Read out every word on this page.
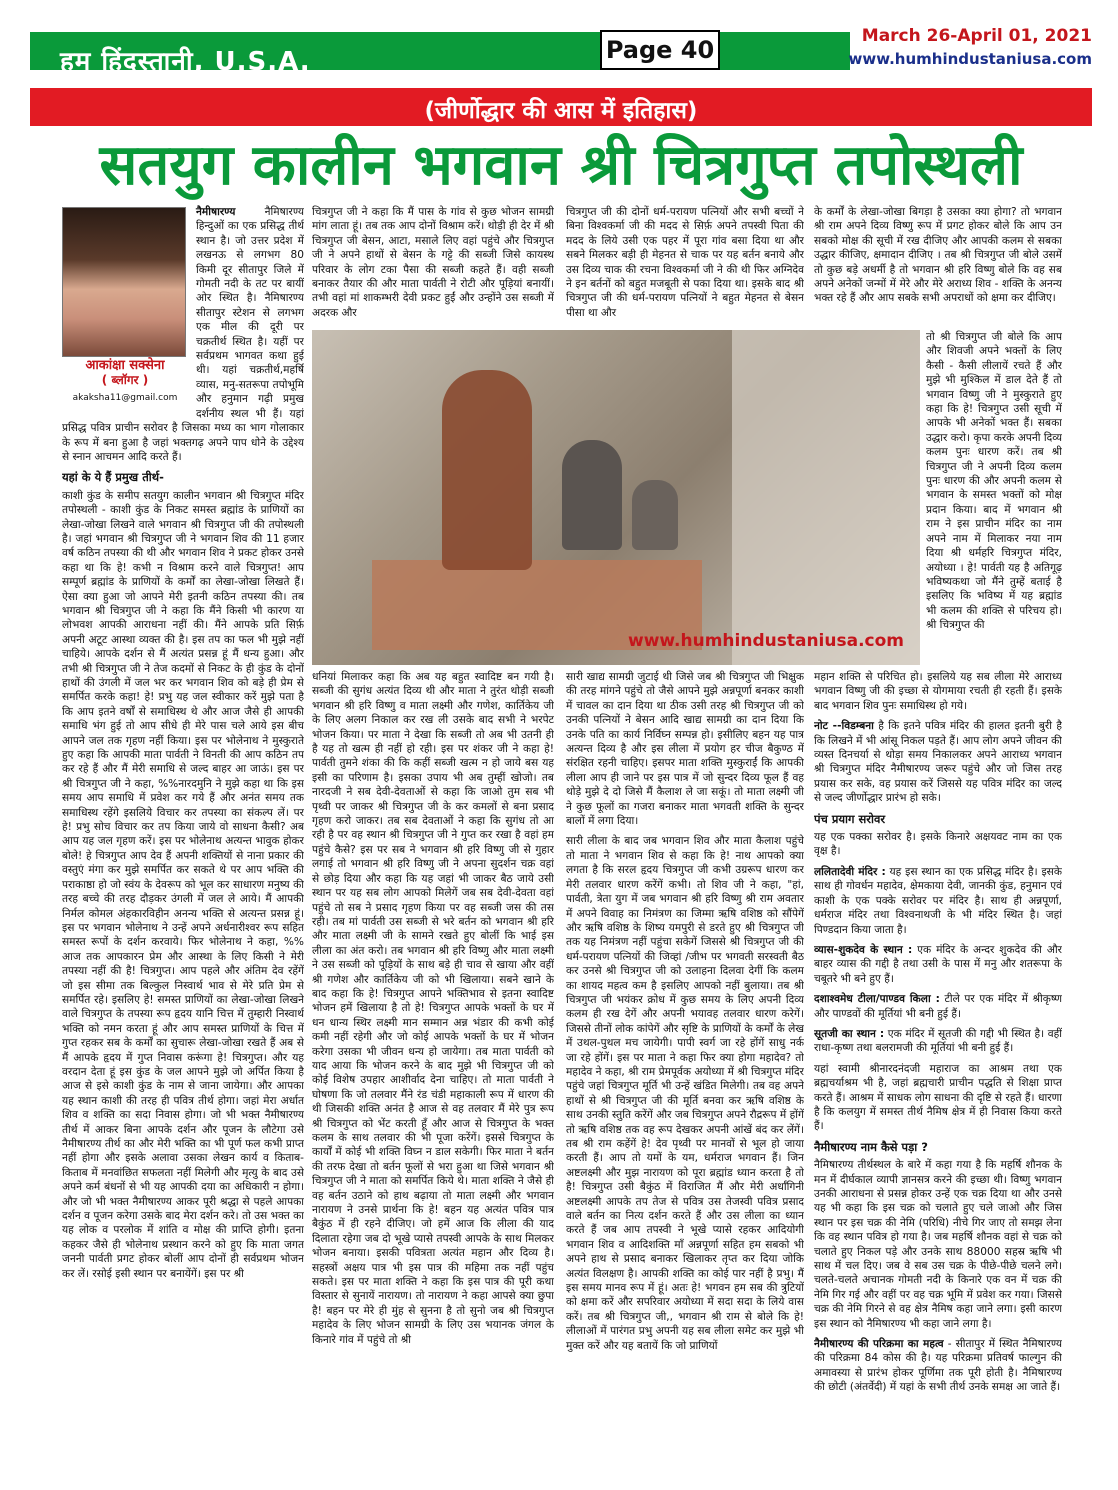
हम हिंदुस्तानी, U.S.A.	Page 40	March 26-April 01, 2021
www.humhindustaniusa.com
(जीर्णोद्धार की आस में इतिहास)
सतयुग कालीन भगवान श्री चित्रगुप्त तपोस्थली

नैमीषारण्य
आकांक्षा सक्सेना
( ब्लॉगर )
akaksha11@gmail.com
नैमिषारण्य हिन्दुओं का एक प्रसिद्ध तीर्थ स्थान है। जो उत्तर प्रदेश में लखनऊ से लगभग 80 किमी दूर सीतापुर जिले में गोमती नदी के तट पर बायीं ओर स्थित है। नैमिषारण्य सीतापुर स्टेशन से लगभग एक मील की दूरी पर चक्रतीर्थ स्थित है। यहीं पर सर्वप्रथम भागवत कथा हुई थी। यहां चक्रतीर्थ,महर्षि व्यास, मनु-सतरूपा तपोभूमि और हनुमान गढ़ी प्रमुख दर्शनीय स्थल भी हैं। यहां प्रसिद्ध पवित्र प्राचीन सरोवर है जिसका मध्य का भाग गोलाकार के रूप में बना हुआ है जहां भक्तगढ़ अपने पाप धोने के उद्देश्य से स्नान आचमन आदि करते हैं।

यहां के ये हैं प्रमुख तीर्थ-

काशी कुंड के समीप सतयुग कालीन भगवान श्री चित्रगुप्त मंदिर तपोस्थली - काशी कुंड के निकट समस्त ब्रह्मांड के प्राणियों का लेखा-जोखा लिखने वाले भगवान श्री चित्रगुप्त जी की तपोस्थली है। जहां भगवान श्री चित्रगुप्त जी ने भगवान शिव की 11 हजार वर्ष कठिन तपस्या की थी और भगवान शिव ने प्रकट होकर उनसे कहा था कि हे! कभी न विश्राम करने वाले चित्रगुप्त! आप सम्पूर्ण ब्रह्मांड के प्राणियों के कर्मों का लेखा-जोखा लिखते हैं। ऐसा क्या हुआ जो आपने मेरी इतनी कठिन तपस्या की। तब भगवान श्री चित्रगुप्त जी ने कहा कि मैंने किसी भी कारण या लोभवश आपकी आराधना नहीं की। मैंने आपके प्रति सिर्फ़ अपनी अटूट आस्था व्यक्त की है। इस तप का फल भी मुझे नहीं चाहिये। आपके दर्शन से मैं अत्यंत प्रसन्न हूं मैं धन्य हुआ। और तभी श्री चित्रगुप्त जी ने तेज कदमों से निकट के ही कुंड के दोनों हाथों की उंगली में जल भर कर भगवान शिव को बड़े ही प्रेम से समर्पित करके कहा! हे! प्रभु यह जल स्वीकार करें मुझे पता है कि आप इतने वर्षों से समाधिस्थ थे और आज जैसे ही आपकी समाधि भंग हुई तो आप सीधे ही मेरे पास चले आये इस बीच आपने जल तक गृहण नहीं किया। इस पर भोलेनाथ ने मुस्कुराते हुए कहा कि आपकी माता पार्वती ने विनती की आप कठिन तप कर रहे हैं और मैं मेरी समाधि से जल्द बाहर आ जाऊं। इस पर श्री चित्रगुप्त जी ने कहा, %%नारदमुनि ने मुझे कहा था कि इस समय आप समाधि में प्रवेश कर गये हैं और अनंत समय तक समाधिस्थ रहेंगे इसलिये विचार कर तपस्या का संकल्प लें। पर हे! प्रभु सोच विचार कर तप किया जाये वो साधना कैसी? अब आप यह जल गृहण करें। इस पर भोलेनाथ अत्यन्त भावुक होकर बोले! हे चित्रगुप्त आप देव हैं अपनी शक्तियों से नाना प्रकार की वस्तुएं मंगा कर मुझे समर्पित कर सकते थे पर आप भक्ति की पराकाष्ठा हो जो स्वंय के देवरूप को भूल कर साधारण मनुष्य की तरह बच्चे की तरह दौड़कर उंगली में जल ले आये। मैं आपकी निर्मल कोमल अंहकारविहीन अनन्य भक्ति से अत्यन्त प्रसन्न हूं। इस पर भगवान भोलेनाथ ने उन्हें अपने अर्धनारीश्वर रूप सहित समस्त रूपों के दर्शन करवाये। फिर भोलेनाथ ने कहा, %% आज तक आपकारन प्रेम और आस्था के लिए किसी ने मेरी तपस्या नहीं की है! चित्रगुप्त। आप पहले और अंतिम देव रहेंगें जो इस सीमा तक बिल्कुल निस्वार्थ भाव से मेरे प्रति प्रेम से समर्पित रहे। इसलिए हे! समस्त प्राणियों का लेखा-जोखा लिखने वाले चित्रगुप्त के तपस्या रूप हृदय यानि चित्त में तुम्हारी निस्वार्थ भक्ति को नमन करता हूं और आप समस्त प्राणियों के चित्त में गुप्त रहकर सब के कर्मों का सुचारू लेखा-जोखा रखते हैं अब से मैं आपके हृदय में गुप्त निवास करूंगा हे! चित्रगुप्त। और यह वरदान देता हूं इस कुंड के जल आपने मुझे जो अर्पित किया है आज से इसे काशी कुंड के नाम से जाना जायेगा। और आपका यह स्थान काशी की तरह ही पवित्र तीर्थ होगा। जहां मेरा अर्धात शिव व शक्ति का सदा निवास होगा। जो भी भक्त नैमीषारण्य तीर्थ में आकर बिना आपके दर्शन और पूजन के लौटेगा उसे नैमीषारण्य तीर्थ का और मेरी भक्ति का भी पूर्ण फल कभी प्राप्त नहीं होगा और इसके अलावा उसका लेखन कार्य व किताब-किताब में मनवांछित सफलता नहीं मिलेगी और मृत्यु के बाद उसे अपने कर्म बंधनों से भी यह आपकी दया का अधिकारी न होगा। और जो भी भक्त नैमीषारण्य आकर पूरी श्रद्धा से पहले आपका दर्शन व पूजन करेगा उसके बाद मेरा दर्शन करे। तो उस भक्त का यह लोक व परलोक में शांति व मोक्ष की प्राप्ति होगी। इतना कहकर जैसे ही भोलेनाथ प्रस्थान करने को हुए कि माता जगत जननी पार्वती प्रगट होकर बोलीं आप दोनों ही सर्वप्रथम भोजन कर लें। रसोई इसी स्थान पर बनायेंगें। इस पर श्री

चित्रगुप्त जी ने कहा कि मैं पास के गांव से कुछ भोजन सामग्री मांग लाता हूं। तब तक आप दोनों विश्राम करें। थोड़ी ही देर में श्री चित्रगुप्त जी बेसन, आटा, मसाले लिए वहां पहुंचे और चित्रगुप्त जी ने अपने हाथों से बेसन के गट्टे की सब्जी जिसे कायस्थ परिवार के लोग टका पैसा की सब्जी कहते हैं। वही सब्जी बनाकर तैयार की और माता पार्वती ने रोटी और पूड़ियां बनायीं। तभी वहां मां शाकम्भरी देवी प्रकट हुईं और उन्होंने उस सब्जी में अदरक और

चित्रगुप्त जी की दोनों धर्म-परायण पत्नियों और सभी बच्चों ने बिना विश्वकर्मा जी की मदद से सिर्फ़ अपने तपस्वी पिता की मदद के लिये उसी एक पहर में पूरा गांव बसा दिया था और सबने मिलकर बड़ी ही मेहनत से चाक पर यह बर्तन बनाये और उस दिव्य चाक की रचना विश्वकर्मा जी ने की थी फिर अग्निदेव ने इन बर्तनों को बहुत मजबूती से पका दिया था। इसके बाद श्री चित्रगुप्त जी की धर्म-परायण पत्नियों ने बहुत मेहनत से बेसन पीसा था और

के कर्मों के लेखा-जोखा बिगड़ा है उसका क्या होगा? तो भगवान श्री राम अपने दिव्य विष्णु रूप में प्रगट होकर बोले कि आप उन सबको मोक्ष की सूची में रख दीजिए और आपकी कलम से सबका उद्धार कीजिए, क्षमादान दीजिए । तब श्री चित्रगुप्त जी बोले उसमें तो कुछ बड़े अधर्मी है तो भगवान श्री हरि विष्णु बोले कि वह सब अपने अनेकों जन्मों में मेरे और मेरे अराध्य शिव - शक्ति के अनन्य भक्त रहे हैं और आप सबके सभी अपराधों को क्षमा कर दीजिए।

www.humhindustaniusa.com

तो श्री चित्रगुप्त जी बोले कि आप और शिवजी अपने भक्तों के लिए कैसी - कैसी लीलायें रचते हैं और मुझे भी मुश्किल में डाल देते हैं तो भगवान विष्णु जी ने मुस्कुराते हुए कहा कि हे! चित्रगुप्त उसी सूची में आपके भी अनेकों भक्त हैं। सबका उद्धार करो। कृपा करके अपनी दिव्य कलम पुनः धारण करें। तब श्री चित्रगुप्त जी ने अपनी दिव्य कलम पुनः धारण की और अपनी कलम से भगवान के समस्त भक्तों को मोक्ष प्रदान किया। बाद में भगवान श्री राम ने इस प्राचीन मंदिर का नाम अपने नाम में मिलाकर नया नाम दिया श्री धर्महरि चित्रगुप्त मंदिर, अयोध्या । हे! पार्वती यह है अतिगूढ़ भविष्यकथा जो मैंने तुम्हें बताई है इसलिए कि भविष्य में यह ब्रह्मांड भी कलम की शक्ति से परिचय हो। श्री चित्रगुप्त की

धनियां मिलाकर कहा कि अब यह बहुत स्वादिष्ट बन गयी है। सब्जी की सुगंध अत्यंत दिव्य थी और माता ने तुरंत थोड़ी सब्जी भगवान श्री हरि विष्णु व माता लक्ष्मी और गणेश, कार्तिकेय जी के लिए अलग निकाल कर रख ली उसके बाद सभी ने भरपेट भोजन किया। पर माता ने देखा कि सब्जी तो अब भी उतनी ही है यह तो खत्म ही नहीं हो रही। इस पर शंकर जी ने कहा हे! पार्वती तुमने शंका की कि कहीं सब्जी खत्म न हो जाये बस यह इसी का परिणाम है। इसका उपाय भी अब तुम्हीं खोजो। तब नारदजी ने सब देवी-देवताओं से कहा कि जाओ तुम सब भी पृथ्वी पर जाकर श्री चित्रगुप्त जी के कर कमलों से बना प्रसाद गृहण करो जाकर। तब सब देवताओं ने कहा कि सुगंध तो आ रही है पर वह स्थान श्री चित्रगुप्त जी ने गुप्त कर रखा है वहां हम पहुंचे कैसे? इस पर सब ने भगवान श्री हरि विष्णु जी से गुहार लगाई तो भगवान श्री हरि विष्णु जी ने अपना सुदर्शन चक्र वहां से छोड़ दिया और कहा कि यह जहां भी जाकर बैठ जाये उसी स्थान पर यह सब लोग आपको मिलेगें जब सब देवी-देवता वहां पहुंचे तो सब ने प्रसाद गृहण किया पर वह सब्जी जस की तस रही। तब मां पार्वती उस सब्जी से भरे बर्तन को भगवान श्री हरि और माता लक्ष्मी जी के सामने रखते हुए बोलीं कि भाई इस लीला का अंत करो। तब भगवान श्री हरि विष्णु और माता लक्ष्मी ने उस सब्जी को पूड़ियों के साथ बड़े ही चाव से खाया और वहीं श्री गणेश और कार्तिकेय जी को भी खिलाया। सबने खाने के बाद कहा कि हे! चित्रगुप्त आपने भक्तिभाव से इतना स्वादिष्ट भोजन हमें खिलाया है तो हे! चित्रगुप्त आपके भक्तों के घर में धन धान्य स्थिर लक्ष्मी मान सम्मान अन्न भंडार की कभी कोई कमी नहीं रहेगी और जो कोई आपके भक्तों के घर में भोजन करेगा उसका भी जीवन धन्य हो जायेगा। तब माता पार्वती को याद आया कि भोजन करने के बाद मुझे भी चित्रगुप्त जी को कोई विशेष उपहार आशीर्वाद देना चाहिए। तो माता पार्वती ने घोषणा कि जो तलवार मैंने रंड चंडी महाकाली रूप में धारण की थी जिसकी शक्ति अनंत है आज से वह तलवार मैं मेरे पुत्र रूप श्री चित्रगुप्त को भेंट करती हूँ और आज से चित्रगुप्त के भक्त कलम के साथ तलवार की भी पूजा करेंगें। इससे चित्रगुप्त के कार्यों में कोई भी शक्ति विघ्न न डाल सकेगी। फिर माता ने बर्तन की तरफ देखा तो बर्तन फूलों से भरा हुआ था जिसे भगवान श्री चित्रगुप्त जी ने माता को समर्पित किये थे। माता शक्ति ने जैसे ही वह बर्तन उठाने को हाथ बढ़ाया तो माता लक्ष्मी और भगवान नारायण ने उनसे प्रार्थना कि हे! बहन यह अत्यंत पवित्र पात्र बैकुंठ में ही रहने दीजिए। जो हमें आज कि लीला की याद दिलाता रहेगा जब दो भूखे प्यासे तपस्वी आपके के साथ मिलकर भोजन बनाया। इसकी पवित्रता अत्यंत महान और दिव्य है। सहस्त्रों अक्षय पात्र भी इस पात्र की महिमा तक नहीं पहुंच सकते। इस पर माता शक्ति ने कहा कि इस पात्र की पूरी कथा विस्तार से सुनायें नारायण। तो नारायण ने कहा आपसे क्या छुपा है! बहन पर मेरे ही मुंह से सुनना है तो सुनो जब श्री चित्रगुप्त महादेव के लिए भोजन सामग्री के लिए उस भयानक जंगल के किनारे गांव में पहुंचे तो श्री

सारी खाद्य सामग्री जुटाई थी जिसे जब श्री चित्रगुप्त जी भिक्षुक की तरह मांगने पहुंचे तो जैसे आपने मुझे अन्नपूर्णा बनकर काशी में चावल का दान दिया था ठीक उसी तरह श्री चित्रगुप्त जी को उनकी पत्नियों ने बेसन आदि खाद्य सामग्री का दान दिया कि उनके पति का कार्य निर्विघ्न सम्पन्न हो। इसीलिए बहन यह पात्र अत्यन्त दिव्य है और इस लीला में प्रयोग हर चीज बैकुण्ठ में संरक्षित रहनी चाहिए। इसपर माता शक्ति मुस्कुराईं कि आपकी लीला आप ही जाने पर इस पात्र में जो सुन्दर दिव्य फूल हैं वह थोड़े मुझे दे दो जिसे मैं कैलाश ले जा सकूं। तो माता लक्ष्मी जी ने कुछ फूलों का गजरा बनाकर माता भगवती शक्ति के सुन्दर बालों में लगा दिया।

सारी लीला के बाद जब भगवान शिव और माता कैलाश पहुंचे तो माता ने भगवान शिव से कहा कि हे! नाथ आपको क्या लगता है कि सरल हृदय चित्रगुप्त जी कभी उग्ररूप धारण कर मेरी तलवार धारण करेंगें कभी। तो शिव जी ने कहा, "हां, पार्वती, त्रेता युग में जब भगवान श्री हरि विष्णु श्री राम अवतार में अपने विवाह का निमंत्रण का जिम्मा ऋषि वशिष्ठ को सौंपेगें और ऋषि वशिष्ठ के शिष्य यमपुरी से डरते हुए श्री चित्रगुप्त जी तक यह निमंत्रण नहीं पहुंचा सकेगें जिससे श्री चित्रगुप्त जी की धर्म-परायण पत्नियों की जिव्हां /जीभ पर भगवती सरस्वती बैठ कर उनसे श्री चित्रगुप्त जी को उलाहना दिलवा देगीं कि कलम का शायद महत्व कम है इसलिए आपको नहीं बुलाया। तब श्री चित्रगुप्त जी भयंकर क्रोध में कुछ समय के लिए अपनी दिव्य कलम ही रख देगें और अपनी भयावह तलवार धारण करेगें। जिससे तीनों लोक कांपेगें और सृष्टि के प्राणियों के कर्मों के लेख में उथल-पुथल मच जायेगी। पापी स्वर्ग जा रहे होंगें साधु नर्क जा रहे होंगें। इस पर माता ने कहा फिर क्या होगा महादेव? तो महादेव ने कहा, श्री राम प्रेमपूर्वक अयोध्या में श्री चित्रगुप्त मंदिर पहुंचे जहां चित्रगुप्त मूर्ति भी उन्हें खंडित मिलेगी। तब वह अपने हाथों से श्री चित्रगुप्त जी की मूर्ति बनवा कर ऋषि वशिष्ठ के साथ उनकी स्तुति करेंगें और जब चित्रगुप्त अपने रौद्ररूप में होंगें तो ऋषि वशिष्ठ तक वह रूप देखकर अपनी आंखें बंद कर लेंगें। तब श्री राम कहेंगें हे! देव पृथ्वी पर मानवों से भूल हो जाया करती हैं। आप तो यमों के यम, धर्मराज भगवान हैं। जिन अष्टलक्ष्मी और मुझ नारायण को पूरा ब्रह्मांड ध्यान करता है तो है! चित्रगुप्त उसी बैकुंठ में विराजित मैं और मेरी अर्धांगिनी अष्टलक्ष्मी आपके तप तेज से पवित्र उस तेजस्वी पवित्र प्रसाद वाले बर्तन का नित्य दर्शन करते हैं और उस लीला का ध्यान करते हैं जब आप तपस्वी ने भूखे प्यासे रहकर आदियोगी भगवान शिव व आदिशक्ति माँ अन्नपूर्णा सहित हम सबको भी अपने हाथ से प्रसाद बनाकर खिलाकर तृप्त कर दिया जोकि अत्यंत विलक्षण है। आपकी शक्ति का कोई पार नहीं है प्रभु। मैं इस समय मानव रूप में हूं। अतः हे! भगवन हम सब की त्रुटियों को क्षमा करें और सपरिवार अयोध्या में सदा सदा के लिये वास करें। तब श्री चित्रगुप्त जी,, भगवान श्री राम से बोले कि हे! लीलाओं में पारंगत प्रभु अपनी यह सब लीला समेट कर मुझे भी मुक्त करें और यह बतायें कि जो प्राणियों

महान शक्ति से परिचित हो। इसलिये यह सब लीला मेरे आराध्य भगवान विष्णु जी की इच्छा से योगमाया रचती ही रहती हैं। इसके बाद भगवान शिव पुनः समाधिस्थ हो गये।

नोट --विडम्बना है कि इतने पवित्र मंदिर की हालत इतनी बुरी है कि लिखने में भी आंसू निकल पड़ते हैं। आप लोग अपने जीवन की व्यस्त दिनचर्या से थोड़ा समय निकालकर अपने आराध्य भगवान श्री चित्रगुप्त मंदिर नैमीषारण्य जरूर पहुंचे और जो जिस तरह प्रयास कर सके, वह प्रयास करें जिससे यह पवित्र मंदिर का जल्द से जल्द जीर्णोद्धार प्रारंभ हो सके।

पंच प्रयाग सरोवर

यह एक पक्का सरोवर है। इसके किनारे अक्षयवट नाम का एक वृक्ष है।

ललितादेवी मंदिर : यह इस स्थान का एक प्रसिद्ध मंदिर है। इसके साथ ही गोवर्धन महादेव, क्षेमकाया देवी, जानकी कुंड, हनुमान एवं काशी के एक पक्के सरोवर पर मंदिर है। साथ ही अन्नपूर्णा, धर्मराज मंदिर तथा विश्वनाथजी के भी मंदिर स्थित है। जहां पिण्डदान किया जाता है।

व्यास-शुकदेव के स्थान : एक मंदिर के अन्दर शुकदेव की और बाहर व्यास की गद्दी है तथा उसी के पास में मनु और शतरूपा के चबूतरे भी बने हुए हैं।

दशाश्वमेध टीला/पाण्डव किला : टीले पर एक मंदिर में श्रीकृष्ण और पाण्डवों की मूर्तियां भी बनी हुई हैं।

सूतजी का स्थान : एक मंदिर में सूतजी की गद्दी भी स्थित है। वहीं राधा-कृष्ण तथा बलरामजी की मूर्तियां भी बनी हुई हैं।

यहां स्वामी श्रीनारदनंदजी महाराज का आश्रम तथा एक ब्रह्मचर्याश्रम भी है, जहां ब्रह्मचारी प्राचीन पद्धति से शिक्षा प्राप्त करते हैं। आश्रम में साधक लोग साधना की दृष्टि से रहते हैं। धारणा है कि कलयुग में समस्त तीर्थ नैमिष क्षेत्र में ही निवास किया करते हैं।

नैमीषारण्य नाम कैसे पड़ा ?

नैमिषारण्य तीर्थस्थल के बारे में कहा गया है कि महर्षि शौनक के मन में दीर्घकाल व्यापी ज्ञानसत्र करने की इच्छा थी। विष्णु भगवान उनकी आराधना से प्रसन्न होकर उन्हें एक चक्र दिया था और उनसे यह भी कहा कि इस चक्र को चलाते हुए चले जाओ और जिस स्थान पर इस चक्र की नेमि (परिधि) नीचे गिर जाए तो समझ लेना कि वह स्थान पवित्र हो गया है। जब महर्षि शौनक वहां से चक्र को चलाते हुए निकल पड़े और उनके साथ 88000 सहस्र ऋषि भी साथ में चल दिए। जब वे सब उस चक्र के पीछे-पीछे चलने लगे। चलते-चलते अचानक गोमती नदी के किनारे एक वन में चक्र की नेमि गिर गई और वहीं पर वह चक्र भूमि में प्रवेश कर गया। जिससे चक्र की नेमि गिरने से वह क्षेत्र नैमिष कहा जाने लगा। इसी कारण इस स्थान को नैमिषारण्य भी कहा जाने लगा है।

नैमीषारण्य की परिक्रमा का महत्व - सीतापुर में स्थित नैमिषारण्य की परिक्रमा 84 कोस की है। यह परिक्रमा प्रतिवर्ष फाल्गुन की अमावस्या से प्रारंभ होकर पूर्णिमा तक पूरी होती है। नैमिषारण्य की छोटी (अंतर्वेदी) में यहां के सभी तीर्थ उनके समक्ष आ जाते हैं।
